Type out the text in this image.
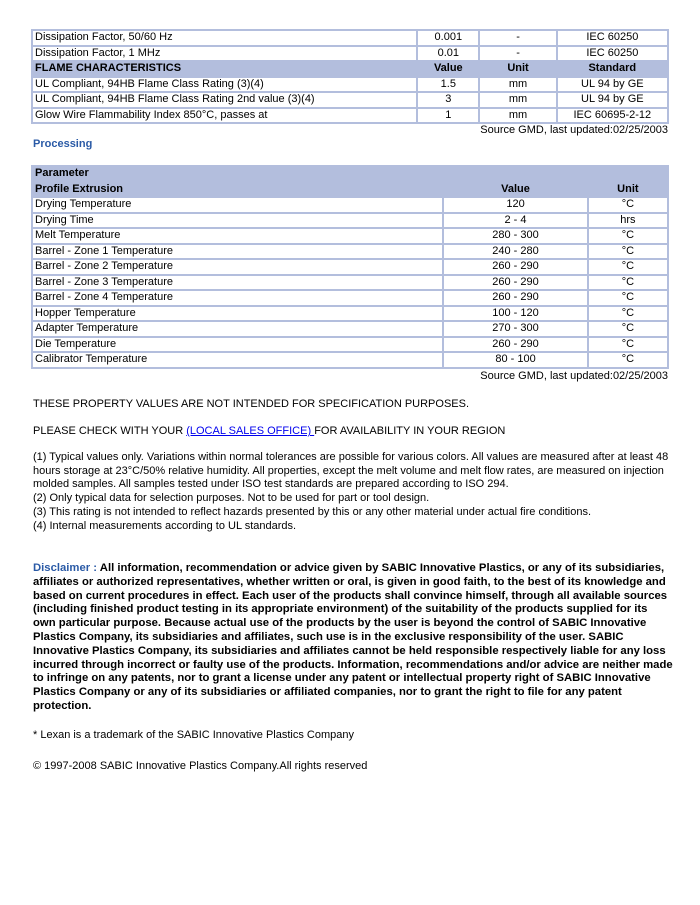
Dissipation Factor, 50/60 Hz	0.001	-	IEC 60250
Dissipation Factor, 1 MHz	0.01	-	IEC 60250
FLAME CHARACTERISTICS	Value	Unit	Standard
UL Compliant, 94HB Flame Class Rating (3)(4)	1.5	mm	UL 94 by GE
UL Compliant, 94HB Flame Class Rating 2nd value (3)(4)	3	mm	UL 94 by GE
Glow Wire Flammability Index 850°C, passes at	1	mm	IEC 60695-2-12
Source GMD, last updated:02/25/2003
Processing
Parameter		
Profile Extrusion	Value	Unit
Drying Temperature	120	°C
Drying Time	2 - 4	hrs
Melt Temperature	280 - 300	°C
Barrel - Zone 1 Temperature	240 - 280	°C
Barrel - Zone 2 Temperature	260 - 290	°C
Barrel - Zone 3 Temperature	260 - 290	°C
Barrel - Zone 4 Temperature	260 - 290	°C
Hopper Temperature	100 - 120	°C
Adapter Temperature	270 - 300	°C
Die Temperature	260 - 290	°C
Calibrator Temperature	80 - 100	°C
Source GMD, last updated:02/25/2003
THESE PROPERTY VALUES ARE NOT INTENDED FOR SPECIFICATION PURPOSES.
PLEASE CHECK WITH YOUR (LOCAL SALES OFFICE) FOR AVAILABILITY IN YOUR REGION
(1) Typical values only. Variations within normal tolerances are possible for various colors. All values are measured after at least 48 hours storage at 23°C/50% relative humidity. All properties, except the melt volume and melt flow rates, are measured on injection molded samples. All samples tested under ISO test standards are prepared according to ISO 294.
(2) Only typical data for selection purposes. Not to be used for part or tool design.
(3) This rating is not intended to reflect hazards presented by this or any other material under actual fire conditions.
(4) Internal measurements according to UL standards.
Disclaimer : All information, recommendation or advice given by SABIC Innovative Plastics, or any of its subsidiaries, affiliates or authorized representatives, whether written or oral, is given in good faith, to the best of its knowledge and based on current procedures in effect. Each user of the products shall convince himself, through all available sources (including finished product testing in its appropriate environment) of the suitability of the products supplied for its own particular purpose. Because actual use of the products by the user is beyond the control of SABIC Innovative Plastics Company, its subsidiaries and affiliates, such use is in the exclusive responsibility of the user. SABIC Innovative Plastics Company, its subsidiaries and affiliates cannot be held responsible respectively liable for any loss incurred through incorrect or faulty use of the products. Information, recommendations and/or advice are neither made to infringe on any patents, nor to grant a license under any patent or intellectual property right of SABIC Innovative Plastics Company or any of its subsidiaries or affiliated companies, nor to grant the right to file for any patent protection.
* Lexan is a trademark of the SABIC Innovative Plastics Company
© 1997-2008 SABIC Innovative Plastics Company.All rights reserved
